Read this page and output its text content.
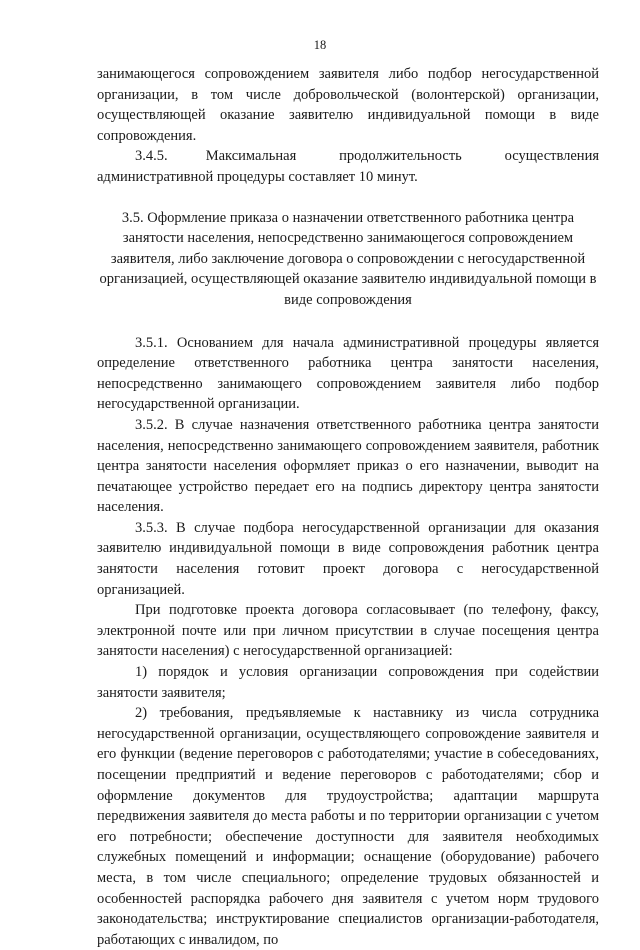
18

занимающегося сопровождением заявителя либо подбор негосударственной организации, в том числе добровольческой (волонтерской) организации, осуществляющей оказание заявителю индивидуальной помощи в виде сопровождения.

3.4.5.        Максимальная         продолжительность         осуществления административной процедуры составляет 10 минут.

3.5. Оформление приказа о назначении ответственного работника центра занятости населения, непосредственно занимающегося сопровождением заявителя, либо заключение договора о сопровождении с негосударственной организацией, осуществляющей оказание заявителю индивидуальной помощи в виде сопровождения

3.5.1. Основанием для начала административной процедуры является определение ответственного работника центра занятости населения, непосредственно занимающего сопровождением заявителя либо подбор негосударственной организации.

3.5.2. В случае назначения ответственного работника центра занятости населения, непосредственно занимающего сопровождением заявителя, работник центра занятости населения оформляет приказ о его назначении, выводит на печатающее устройство передает его на подпись директору центра занятости населения.

3.5.3. В случае подбора негосударственной организации для оказания заявителю индивидуальной помощи в виде сопровождения работник центра занятости населения готовит проект договора с негосударственной организацией.

При подготовке проекта договора согласовывает (по телефону, факсу, электронной почте или при личном присутствии в случае посещения центра занятости населения) с негосударственной организацией:

1) порядок и условия организации сопровождения при содействии занятости заявителя;

2) требования, предъявляемые к наставнику из числа сотрудника негосударственной организации, осуществляющего сопровождение заявителя и его функции (ведение переговоров с работодателями; участие в собеседованиях, посещении предприятий и ведение переговоров с работодателями; сбор и оформление документов для трудоустройства; адаптации маршрута передвижения заявителя до места работы и по территории организации с учетом его потребности; обеспечение доступности для заявителя необходимых служебных помещений и информации; оснащение (оборудование) рабочего места, в том числе специального; определение трудовых обязанностей и особенностей распорядка рабочего дня заявителя с учетом норм трудового законодательства; инструктирование специалистов организации-работодателя, работающих с инвалидом, по
